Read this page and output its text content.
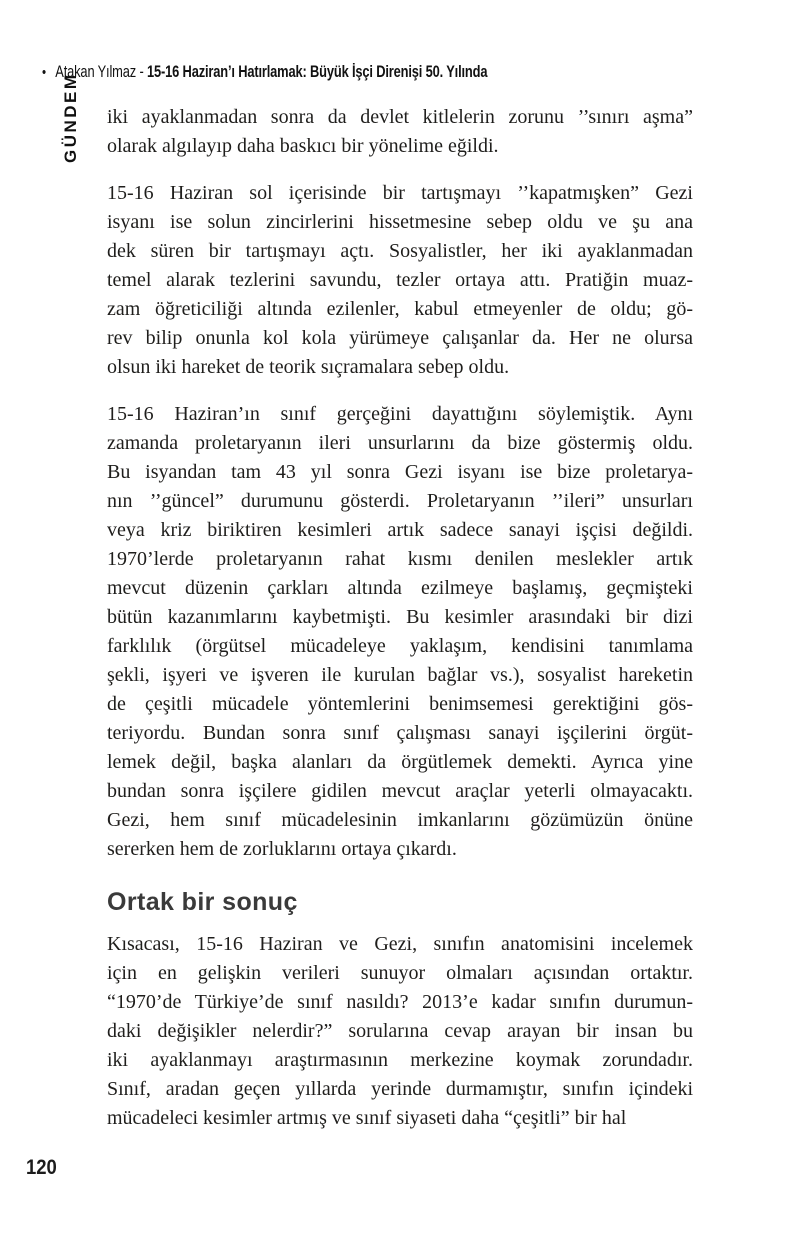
• Atakan Yılmaz - 15-16 Haziran’ı Hatırlamak: Büyük İşçi Direnişi 50. Yılında
GÜNDEM iki ayaklanmadan sonra da devlet kitlelerin zorunu ’’sınırı aşma”
olarak algılayıp daha baskıcı bir yönelime eğildi.
15-16 Haziran sol içerisinde bir tartışmayı ’’kapatmışken” Gezi
isyanı ise solun zincirlerini hissetmesine sebep oldu ve şu ana
dek süren bir tartışmayı açtı. Sosyalistler, her iki ayaklanmadan
temel alarak tezlerini savundu, tezler ortaya attı. Pratiğin muaz-
zam öğreticiliği altında ezilenler, kabul etmeyenler de oldu; gö-
rev bilip onunla kol kola yürümeye çalışanlar da. Her ne olursa
olsun iki hareket de teorik sıçramalara sebep oldu.
15-16 Haziran’ın sınıf gerçeğini dayattığını söylemiştik. Aynı
zamanda proletaryanın ileri unsurlarını da bize göstermiş oldu.
Bu isyandan tam 43 yıl sonra Gezi isyanı ise bize proletarya-
nın ’’güncel” durumunu gösterdi. Proletaryanın ’’ileri” unsurları
veya kriz biriktiren kesimleri artık sadece sanayi işçisi değildi.
1970’lerde proletaryanın rahat kısmı denilen meslekler artık
mevcut düzenin çarkları altında ezilmeye başlamış, geçmişteki
bütün kazanımlarını kaybetmişti. Bu kesimler arasındaki bir dizi
farklılık (örgütsel mücadeleye yaklaşım, kendisini tanımlama
şekli, işyeri ve işveren ile kurulan bağlar vs.), sosyalist hareketin
de çeşitli mücadele yöntemlerini benimsemesi gerektiğini gös-
teriyordu. Bundan sonra sınıf çalışması sanayi işçilerini örgüt-
lemek değil, başka alanları da örgütlemek demekti. Ayrıca yine
bundan sonra işçilere gidilen mevcut araçlar yeterli olmayacaktı.
Gezi, hem sınıf mücadelesinin imkanlarını gözümüzün önüne
sererken hem de zorluklarını ortaya çıkardı.
Ortak bir sonuç
Kısacası, 15-16 Haziran ve Gezi, sınıfın anatomisini incelemek
için en gelişkin verileri sunuyor olmaları açısından ortaktır.
“1970’de Türkiye’de sınıf nasıldı? 2013’e kadar sınıfın durumun-
daki değişikler nelerdir?” sorularına cevap arayan bir insan bu
iki ayaklanmayı araştırmasının merkezine koymak zorundadır.
Sınıf, aradan geçen yıllarda yerinde durmamıştır, sınıfın içindeki
mücadeleci kesimler artmış ve sınıf siyaseti daha “çeşitli” bir hal
120
